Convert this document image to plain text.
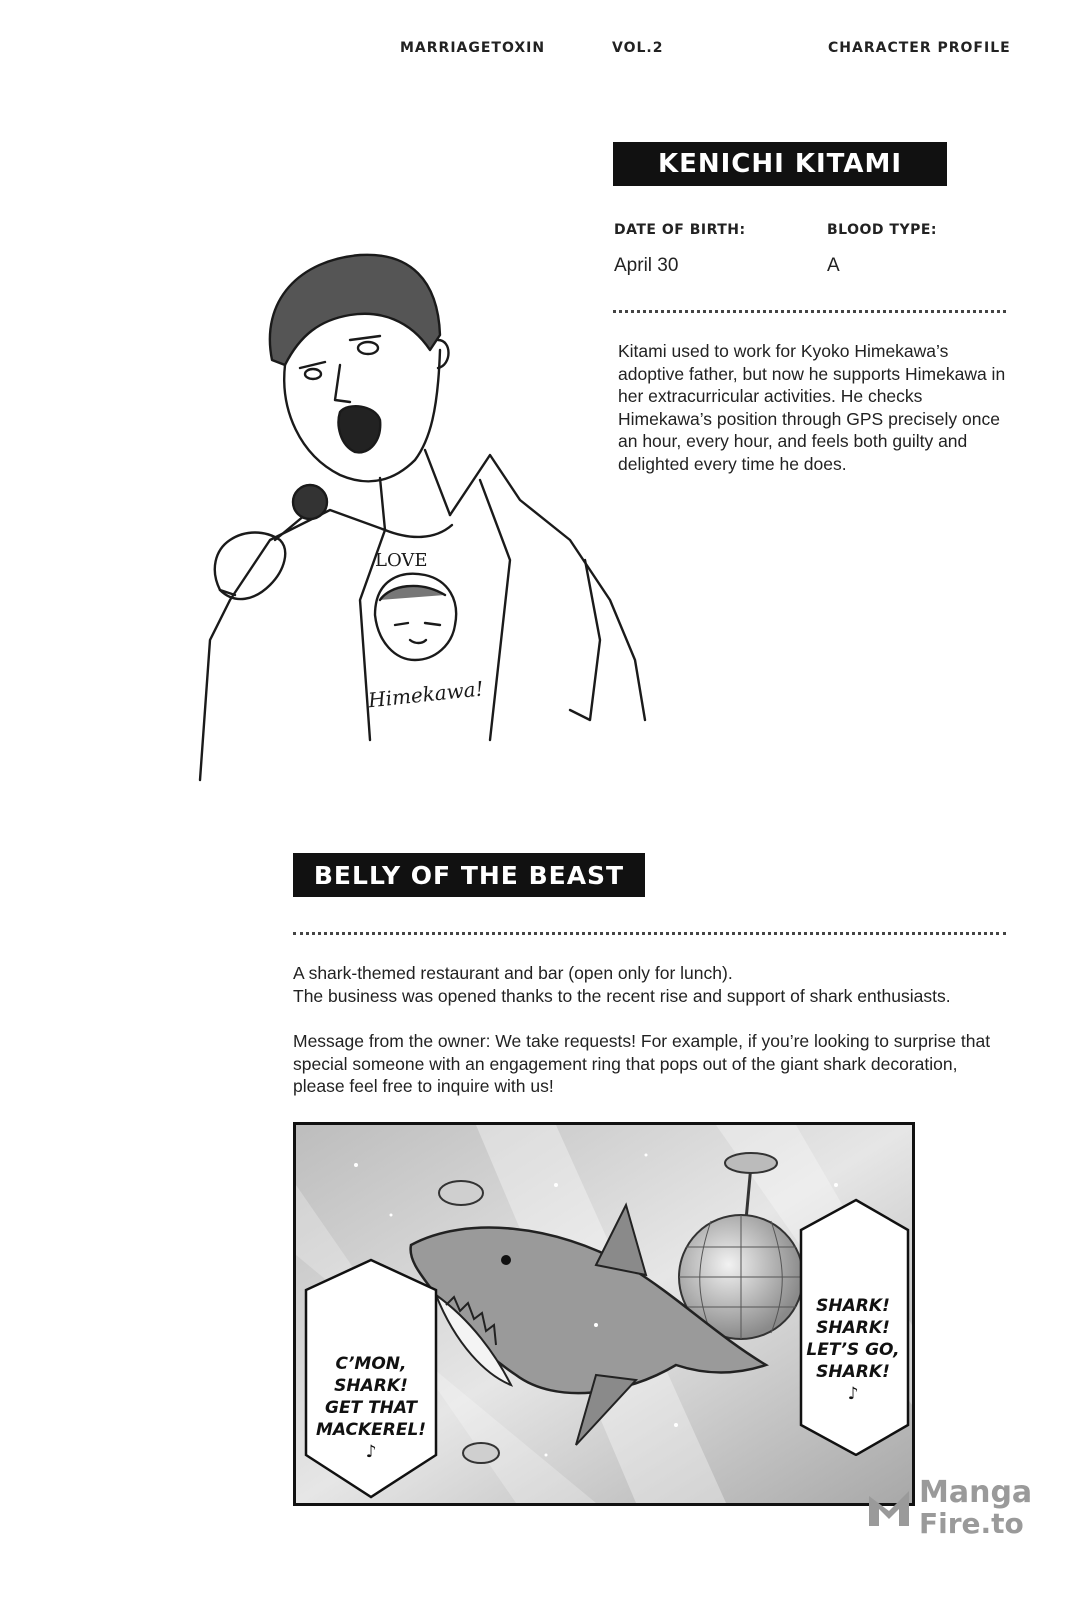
MARRIAGETOXIN	VOL.2	CHARACTER PROFILE
LOVE
Himekawa!
KENICHI KITAMI
DATE OF BIRTH:	BLOOD TYPE:
April 30	A
Kitami used to work for Kyoko Himekawa’s adoptive father, but now he supports Himekawa in her extracurricular activities. He checks Himekawa’s position through GPS precisely once an hour, every hour, and feels both guilty and delighted every time he does.
BELLY OF THE BEAST

A shark-themed restaurant and bar (open only for lunch).

The business was opened thanks to the recent rise and support of shark enthusiasts.

Message from the owner: We take requests! For example, if you’re looking to surprise that special someone with an engagement ring that pops out of the giant shark decoration, please feel free to inquire with us!

C’MON,
SHARK!
GET THAT
MACKEREL!
♪
SHARK!
SHARK!
LET’S GO,
SHARK!
♪
Manga
Fire.to
